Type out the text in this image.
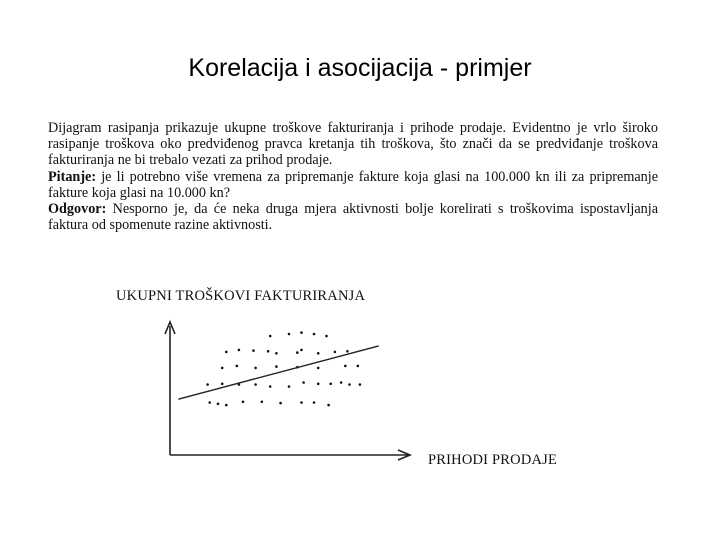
Korelacija i asocijacija - primjer

Dijagram rasipanja prikazuje ukupne troškove fakturiranja i prihode prodaje. Evidentno je vrlo široko rasipanje troškova oko predviđenog pravca kretanja tih troškova, što znači da se predviđanje troškova fakturiranja ne bi trebalo vezati za prihod prodaje.

Pitanje: je li potrebno više vremena za pripremanje fakture koja glasi na 100.000 kn ili za pripremanje fakture koja glasi na 10.000 kn?

Odgovor: Nesporno je, da će neka druga mjera aktivnosti bolje korelirati s troškovima ispostavljanja faktura od spomenute razine aktivnosti.

UKUPNI TROŠKOVI FAKTURIRANJA
PRIHODI PRODAJE
